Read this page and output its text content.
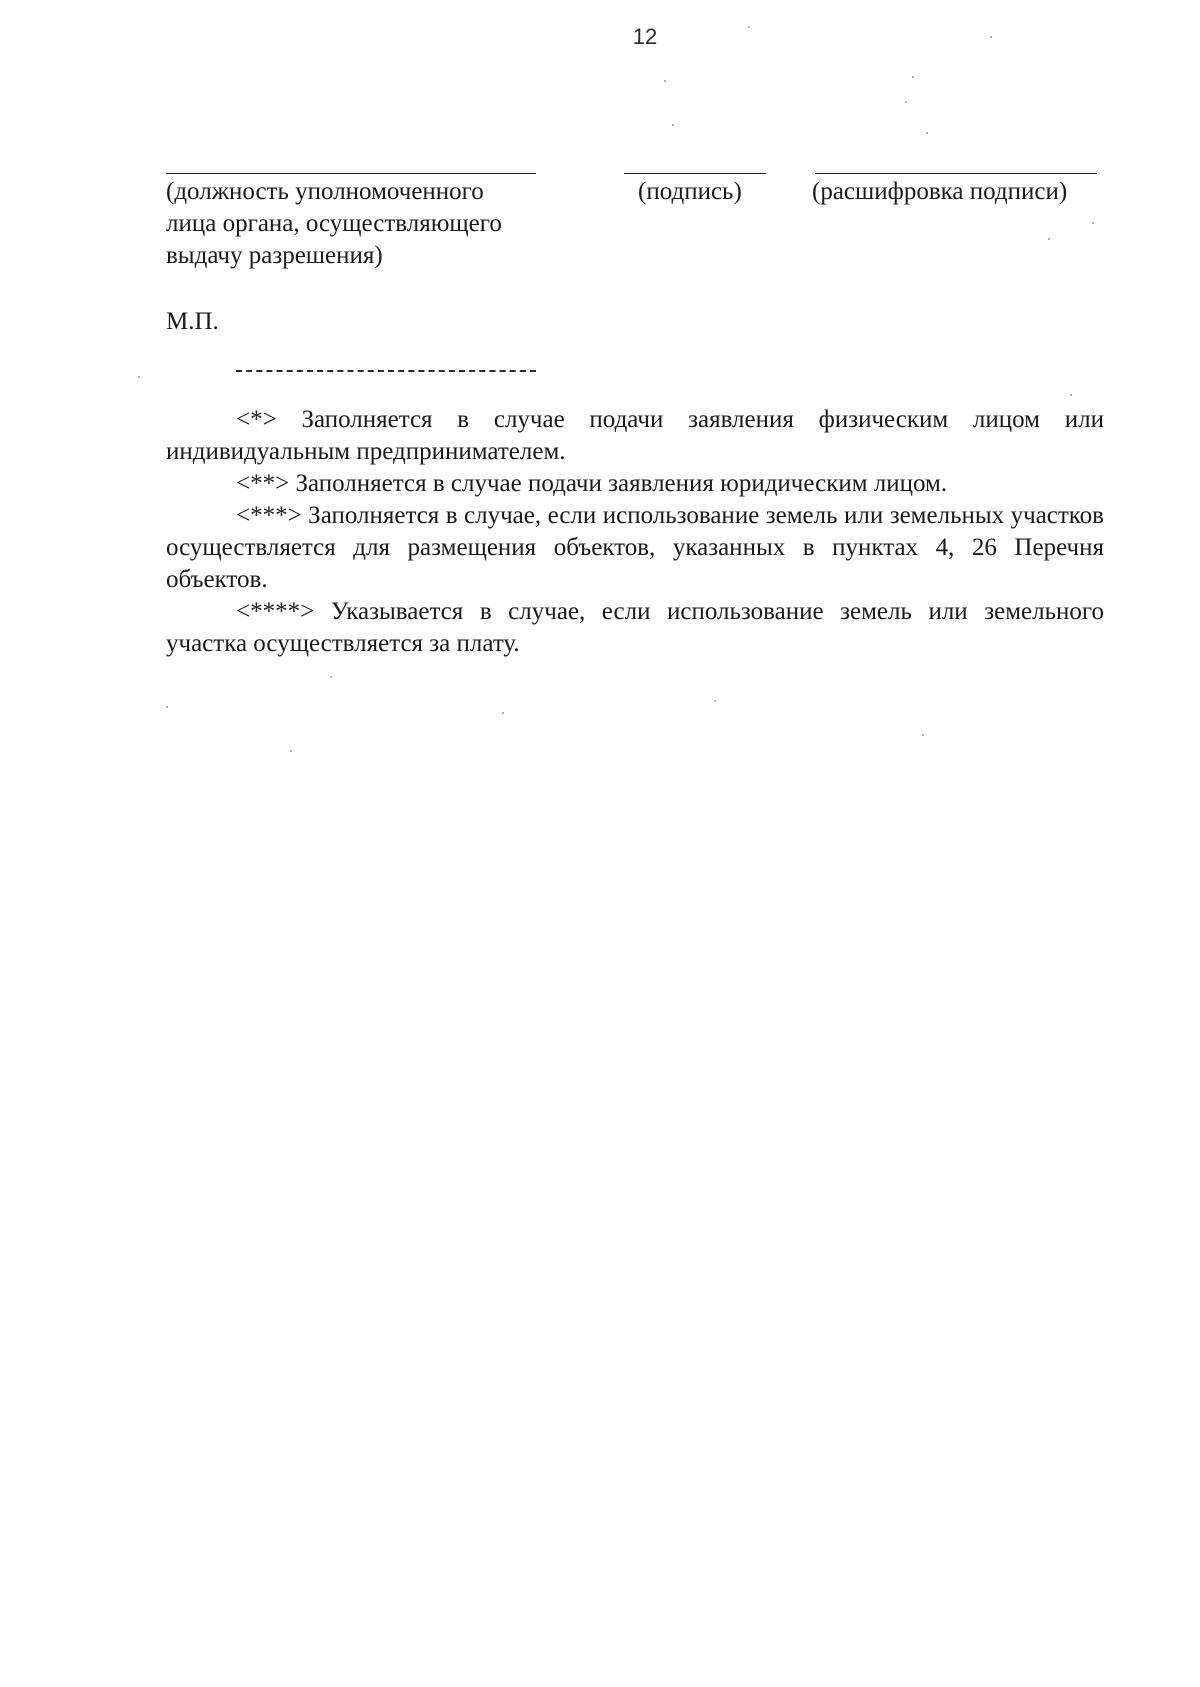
12
(должность уполномоченного
лица органа, осуществляющего
выдачу разрешения)
(подпись)	(расшифровка подписи)
М.П.

<*> Заполняется в случае подачи заявления физическим лицом или индивидуальным предпринимателем.

<**> Заполняется в случае подачи заявления юридическим лицом.

<***> Заполняется в случае, если использование земель или земельных участков осуществляется для размещения объектов, указанных в пунктах 4, 26 Перечня объектов.

<****> Указывается в случае, если использование земель или земельного участка осуществляется за плату.
